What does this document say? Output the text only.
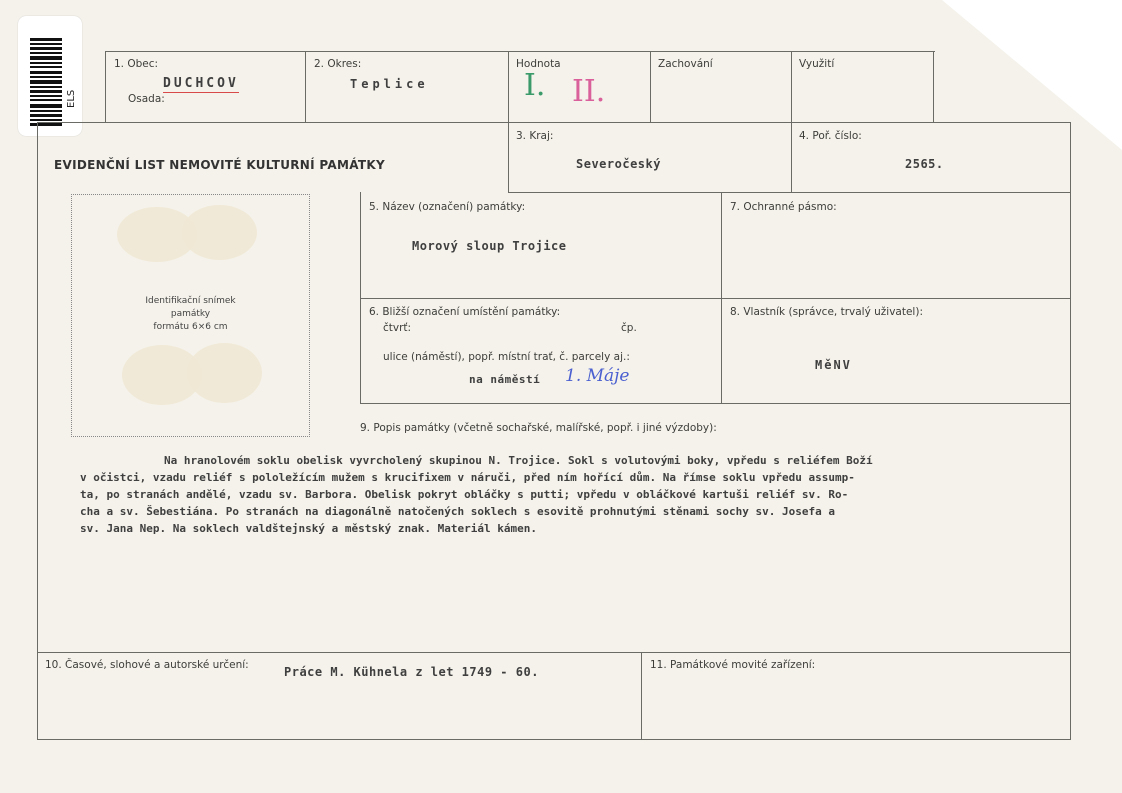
ELS
1. Obec:
Osada:
DUCHCOV
2. Okres:
Teplice
Hodnota
I. II.
Zachování	Využití
EVIDENČNÍ LIST NEMOVITÉ KULTURNÍ PAMÁTKY
3. Kraj:
Severočeský
4. Poř. číslo:
2565.
Identifikační snímek
památky
formátu 6×6 cm
5. Název (označení) památky:
Morový sloup Trojice
7. Ochranné pásmo:
6. Bližší označení umístění památky:
čtvrť:	čp.
ulice (náměstí), popř. místní trať, č. parcely aj.:
na náměstí 1. Máje
8. Vlastník (správce, trvalý uživatel):
MěNV
9. Popis památky (včetně sochařské, malířské, popř. i jiné výzdoby):
Na hranolovém soklu obelisk vyvrcholený skupinou N. Trojice. Sokl s volutovými boky, vpředu s reliéfem Boží
v očistci, vzadu reliéf s pololežícím mužem s krucifixem v náruči, před ním hořící dům. Na římse soklu vpředu assump-
ta, po stranách andělé, vzadu sv. Barbora. Obelisk pokryt obláčky s putti; vpředu v obláčkové kartuši reliéf sv. Ro-
cha a sv. Šebestiána. Po stranách na diagonálně natočených soklech s esovitě prohnutými stěnami sochy sv. Josefa a
sv. Jana Nep. Na soklech valdštejnský a městský znak. Materiál kámen.
10. Časové, slohové a autorské určení:	Práce M. Kühnela z let 1749 - 60.	11. Památkové movité zařízení:
